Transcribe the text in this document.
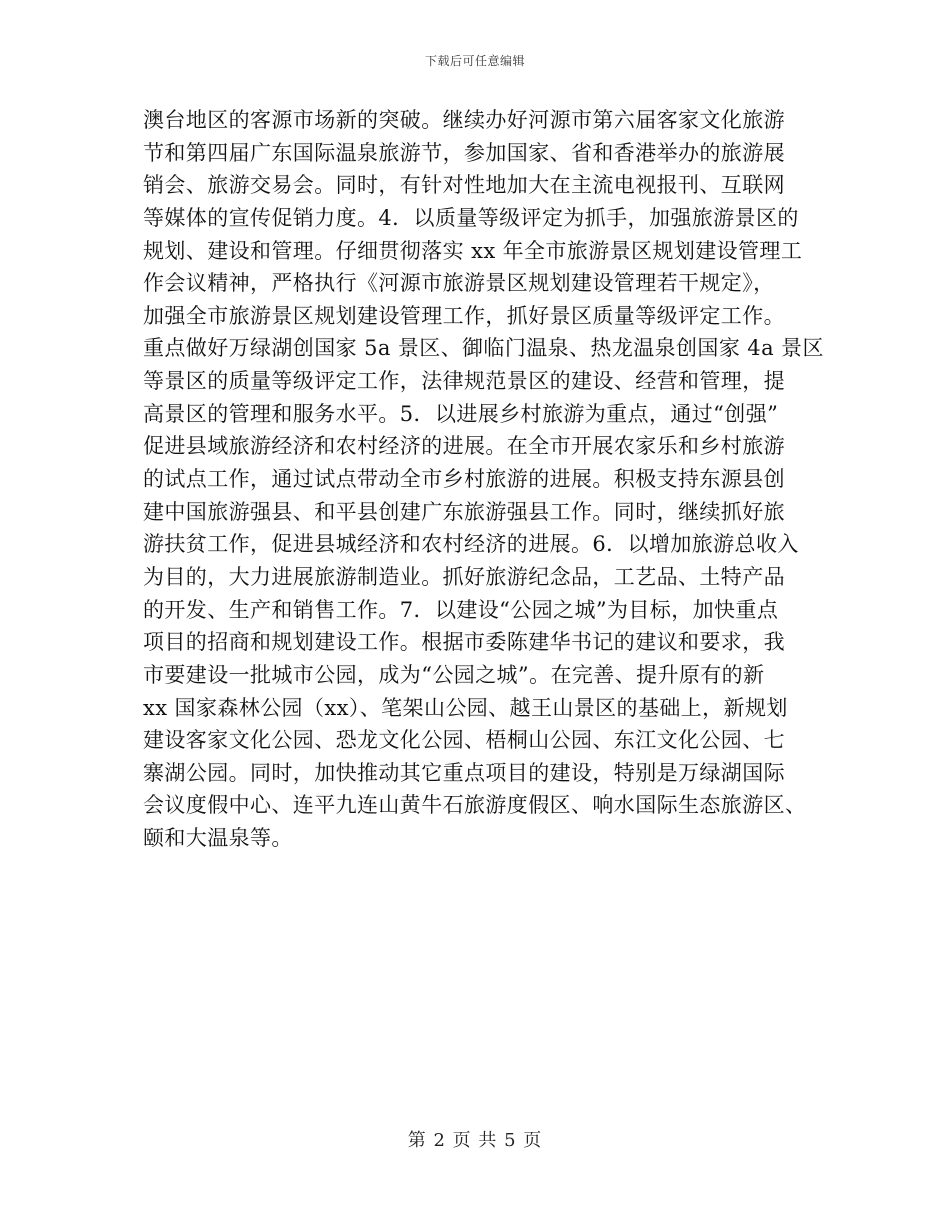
下载后可任意编辑
澳台地区的客源市场新的突破。继续办好河源市第六届客家文化旅游
节和第四届广东国际温泉旅游节，参加国家、省和香港举办的旅游展
销会、旅游交易会。同时，有针对性地加大在主流电视报刊、互联网
等媒体的宣传促销力度。4．以质量等级评定为抓手，加强旅游景区的
规划、建设和管理。仔细贯彻落实 xx 年全市旅游景区规划建设管理工
作会议精神，严格执行《河源市旅游景区规划建设管理若干规定》，
加强全市旅游景区规划建设管理工作，抓好景区质量等级评定工作。
重点做好万绿湖创国家 5a 景区、御临门温泉、热龙温泉创国家 4a 景区
等景区的质量等级评定工作，法律规范景区的建设、经营和管理，提
高景区的管理和服务水平。5．以进展乡村旅游为重点，通过“创强”
促进县域旅游经济和农村经济的进展。在全市开展农家乐和乡村旅游
的试点工作，通过试点带动全市乡村旅游的进展。积极支持东源县创
建中国旅游强县、和平县创建广东旅游强县工作。同时，继续抓好旅
游扶贫工作，促进县城经济和农村经济的进展。6．以增加旅游总收入
为目的，大力进展旅游制造业。抓好旅游纪念品，工艺品、土特产品
的开发、生产和销售工作。7．以建设“公园之城”为目标，加快重点
项目的招商和规划建设工作。根据市委陈建华书记的建议和要求，我
市要建设一批城市公园，成为“公园之城”。在完善、提升原有的新
xx 国家森林公园（xx）、笔架山公园、越王山景区的基础上，新规划
建设客家文化公园、恐龙文化公园、梧桐山公园、东江文化公园、七
寨湖公园。同时，加快推动其它重点项目的建设，特别是万绿湖国际
会议度假中心、连平九连山黄牛石旅游度假区、响水国际生态旅游区、
颐和大温泉等。
第 2 页 共 5 页
